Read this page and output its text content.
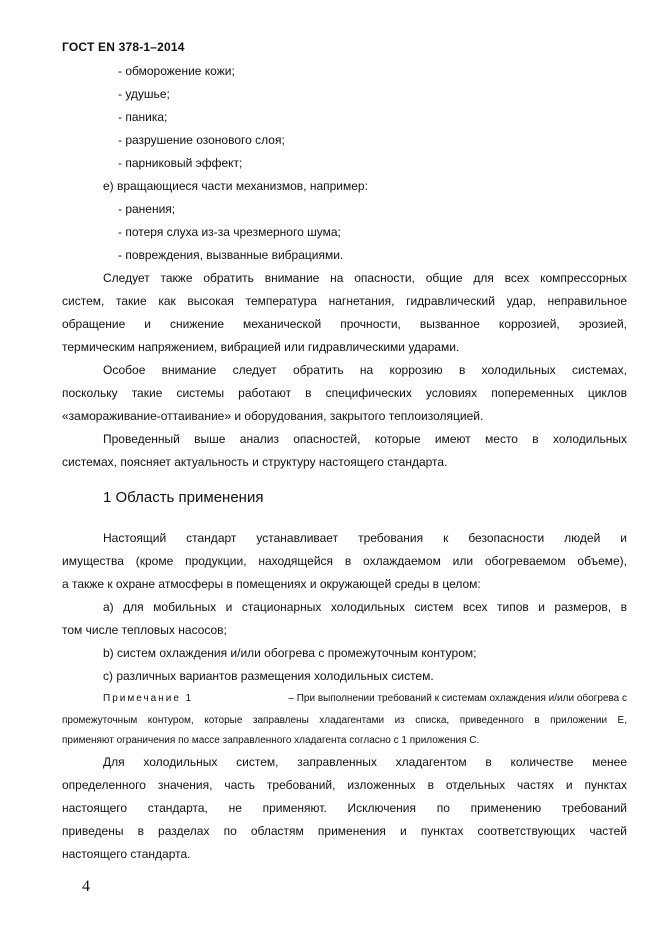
ГОСТ EN 378-1–2014
- обморожение кожи;
- удушье;
- паника;
- разрушение озонового слоя;
- парниковый эффект;
е) вращающиеся части механизмов, например:
- ранения;
- потеря слуха из-за чрезмерного шума;
- повреждения, вызванные вибрациями.
Следует также обратить внимание на опасности, общие для всех компрессорных
систем, такие как высокая температура нагнетания, гидравлический удар, неправильное
обращение и снижение механической прочности, вызванное коррозией, эрозией,
термическим напряжением, вибрацией или гидравлическими ударами.
Особое внимание следует обратить на коррозию в холодильных системах,
поскольку такие системы работают в специфических условиях попеременных циклов
«замораживание-оттаивание» и оборудования, закрытого теплоизоляцией.
Проведенный выше анализ опасностей, которые имеют место в холодильных
системах, поясняет актуальность и структуру настоящего стандарта.
1 Область применения
Настоящий стандарт устанавливает требования к безопасности людей и
имущества (кроме продукции, находящейся в охлаждаемом или обогреваемом объеме),
а также к охране атмосферы в помещениях и окружающей среды в целом:
а) для мобильных и стационарных холодильных систем всех типов и размеров, в
том числе тепловых насосов;
b) систем охлаждения и/или обогрева с промежуточным контуром;
с) различных вариантов размещения холодильных систем.
Примечание 1	– При выполнении требований к системам охлаждения и/или обогрева с
промежуточным контуром, которые заправлены хладагентами из списка, приведенного в приложении Е,
применяют ограничения по массе заправленного хладагента согласно с 1 приложения С.
Для холодильных систем, заправленных хладагентом в количестве менее
определенного значения, часть требований, изложенных в отдельных частях и пунктах
настоящего стандарта, не применяют. Исключения по применению требований
приведены в разделах по областям применения и пунктах соответствующих частей
настоящего стандарта.
4
